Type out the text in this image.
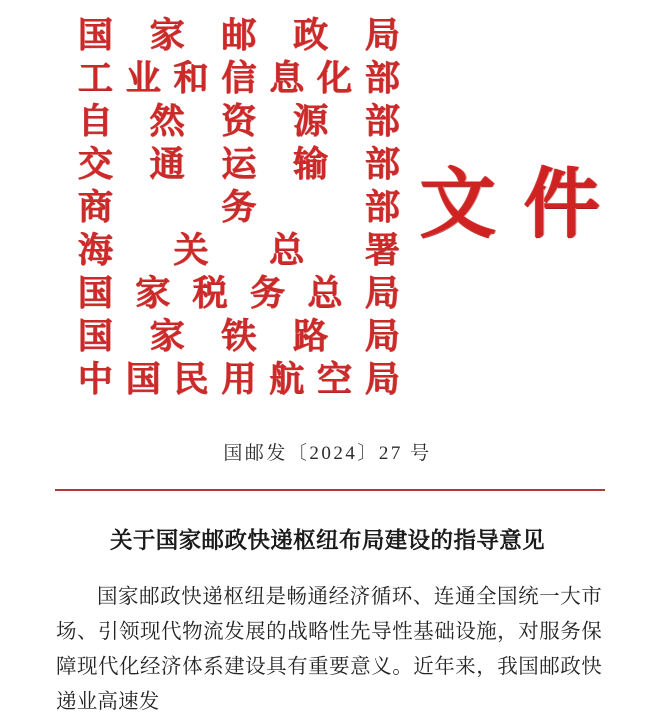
国 家 邮 政 局
工 业 和 信 息 化 部
自 然 资 源 部
交 通 运 输 部
商	务	部
海 关 总 署
国 家 税 务 总 局
国 家 铁 路 局
中 国 民 用 航 空 局
文 件
国邮发〔2024〕27 号
关于国家邮政快递枢纽布局建设的指导意见

国家邮政快递枢纽是畅通经济循环、连通全国统一大市场、引领现代物流发展的战略性先导性基础设施，对服务保障现代化经济体系建设具有重要意义。近年来，我国邮政快递业高速发
